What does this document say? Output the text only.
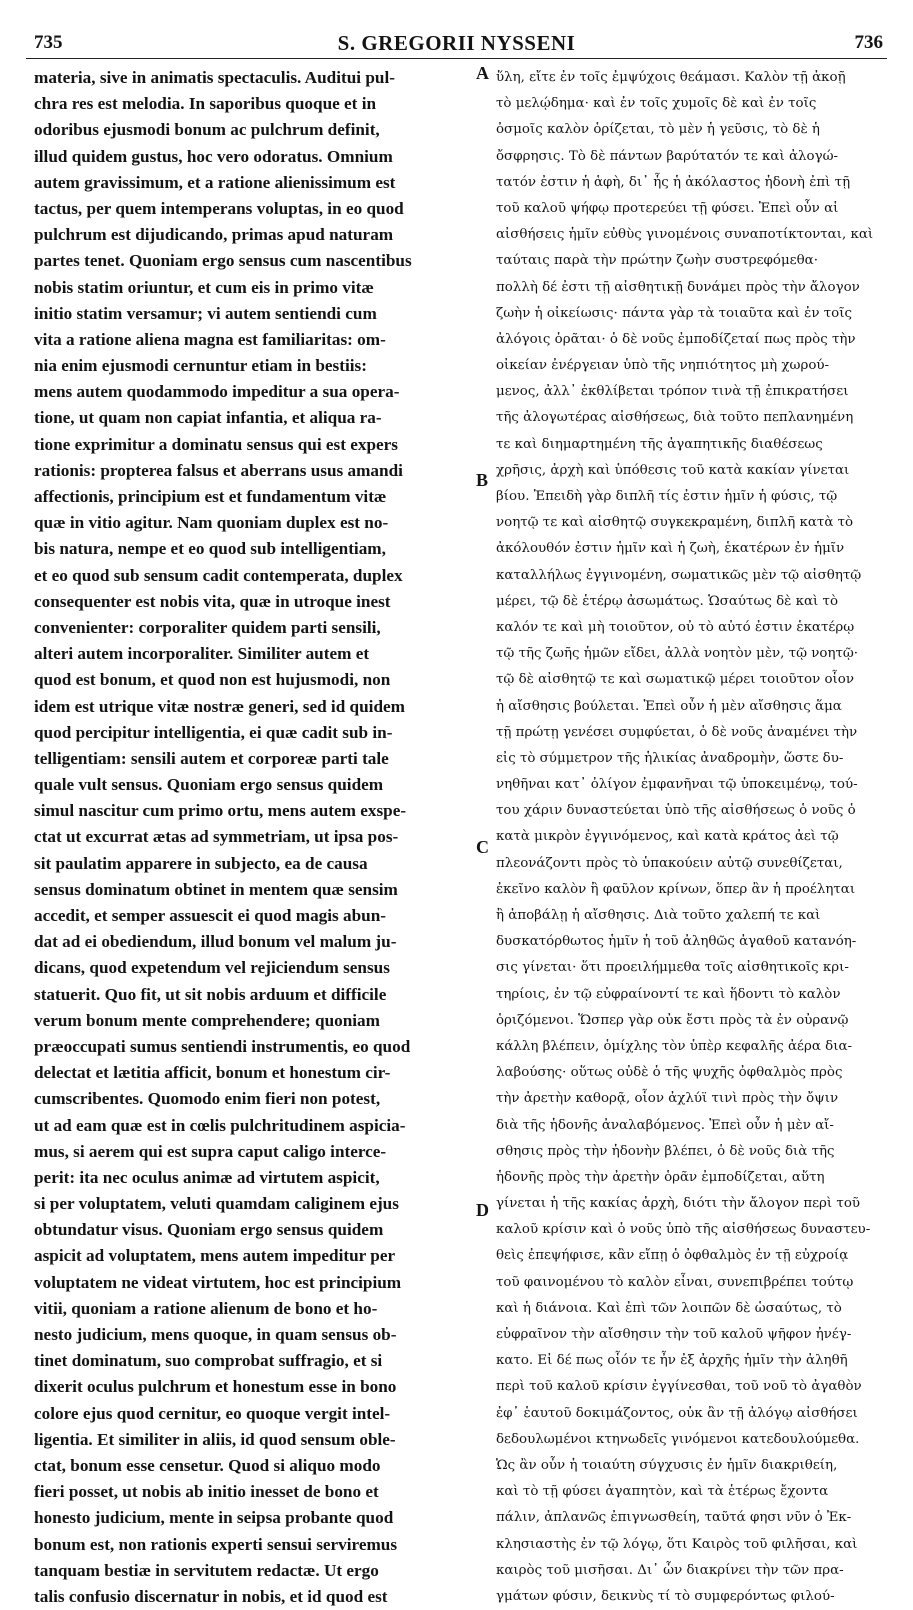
735	S. GREGORII NYSSENI	736
materia, sive in animatis spectaculis. Auditui pul-
chra res est melodia. In saporibus quoque et in
odoribus ejusmodi bonum ac pulchrum definit,
illud quidem gustus, hoc vero odoratus. Omnium
autem gravissimum, et a ratione alienissimum est
tactus, per quem intemperans voluptas, in eo quod
pulchrum est dijudicando, primas apud naturam
partes tenet. Quoniam ergo sensus cum nascentibus
nobis statim oriuntur, et cum eis in primo vitæ
initio statim versamur; vi autem sentiendi cum
vita a ratione aliena magna est familiaritas: om-
nia enim ejusmodi cernuntur etiam in bestiis:
mens autem quodammodo impeditur a sua opera-
tione, ut quam non capiat infantia, et aliqua ra-
tione exprimitur a dominatu sensus qui est expers
rationis: propterea falsus et aberrans usus amandi
affectionis, principium est et fundamentum vitæ
quæ in vitio agitur. Nam quoniam duplex est no-
bis natura, nempe et eo quod sub intelligentiam,
et eo quod sub sensum cadit contemperata, duplex
consequenter est nobis vita, quæ in utroque inest
convenienter: corporaliter quidem parti sensili,
alteri autem incorporaliter. Similiter autem et
quod est bonum, et quod non est hujusmodi, non
idem est utrique vitæ nostræ generi, sed id quidem
quod percipitur intelligentia, ei quæ cadit sub in-
telligentiam: sensili autem et corporeæ parti tale
quale vult sensus. Quoniam ergo sensus quidem
simul nascitur cum primo ortu, mens autem exspe-
ctat ut excurrat ætas ad symmetriam, ut ipsa pos-
sit paulatim apparere in subjecto, ea de causa
sensus dominatum obtinet in mentem quæ sensim
accedit, et semper assuescit ei quod magis abun-
dat ad ei obediendum, illud bonum vel malum ju-
dicans, quod expetendum vel rejiciendum sensus
statuerit. Quo fit, ut sit nobis arduum et difficile
verum bonum mente comprehendere; quoniam
præoccupati sumus sentiendi instrumentis, eo quod
delectat et lætitia afficit, bonum et honestum cir-
cumscribentes. Quomodo enim fieri non potest,
ut ad eam quæ est in cœlis pulchritudinem aspicia-
mus, si aerem qui est supra caput caligo interce-
perit: ita nec oculus animæ ad virtutem aspicit,
si per voluptatem, veluti quamdam caliginem ejus
obtundatur visus. Quoniam ergo sensus quidem
aspicit ad voluptatem, mens autem impeditur per
voluptatem ne videat virtutem, hoc est principium
vitii, quoniam a ratione alienum de bono et ho-
nesto judicium, mens quoque, in quam sensus ob-
tinet dominatum, suo comprobat suffragio, et si
dixerit oculus pulchrum et honestum esse in bono
colore ejus quod cernitur, eo quoque vergit intel-
ligentia. Et similiter in aliis, id quod sensum oble-
ctat, bonum esse censetur. Quod si aliquo modo
fieri posset, ut nobis ab initio inesset de bono et
honesto judicium, mente in seipsa probante quod
bonum est, non rationis experti sensui serviremus
tanquam bestiæ in servitutem redactæ. Ut ergo
talis confusio discernatur in nobis, et id quod est
A
B
C
D
ὕλη, εἴτε ἐν τοῖς ἐμψύχοις θεάμασι. Καλὸν τῇ ἀκοῇ
τὸ μελῴδημα· καὶ ἐν τοῖς χυμοῖς δὲ καὶ ἐν τοῖς
ὀσμοῖς καλὸν ὁρίζεται, τὸ μὲν ἡ γεῦσις, τὸ δὲ ἡ
ὄσφρησις. Τὸ δὲ πάντων βαρύτατόν τε καὶ ἀλογώ-
τατόν ἐστιν ἡ ἁφὴ, δι᾽ ἧς ἡ ἀκόλαστος ἡδονὴ ἐπὶ τῇ
τοῦ καλοῦ ψήφῳ προτερεύει τῇ φύσει. Ἐπεὶ οὖν αἱ
αἰσθήσεις ἡμῖν εὐθὺς γινομένοις συναποτίκτονται, καὶ
ταύταις παρὰ τὴν πρώτην ζωὴν συστρεφόμεθα·
πολλὴ δέ ἐστι τῇ αἰσθητικῇ δυνάμει πρὸς τὴν ἄλογον
ζωὴν ἡ οἰκείωσις· πάντα γὰρ τὰ τοιαῦτα καὶ ἐν τοῖς
ἀλόγοις ὁρᾶται· ὁ δὲ νοῦς ἐμποδίζεταί πως πρὸς τὴν
οἰκείαν ἐνέργειαν ὑπὸ τῆς νηπιότητος μὴ χωρού-
μενος, ἀλλ᾽ ἐκθλίβεται τρόπον τινὰ τῇ ἐπικρατήσει
τῆς ἀλογωτέρας αἰσθήσεως, διὰ τοῦτο πεπλανημένη
τε καὶ διημαρτημένη τῆς ἀγαπητικῆς διαθέσεως
χρῆσις, ἀρχὴ καὶ ὑπόθεσις τοῦ κατὰ κακίαν γίνεται
βίου. Ἐπειδὴ γὰρ διπλῆ τίς ἐστιν ἡμῖν ἡ φύσις, τῷ
νοητῷ τε καὶ αἰσθητῷ συγκεκραμένη, διπλῆ κατὰ τὸ
ἀκόλουθόν ἐστιν ἡμῖν καὶ ἡ ζωὴ, ἑκατέρων ἐν ἡμῖν
καταλλήλως ἐγγινομένη, σωματικῶς μὲν τῷ αἰσθητῷ
μέρει, τῷ δὲ ἑτέρῳ ἀσωμάτως. Ὡσαύτως δὲ καὶ τὸ
καλόν τε καὶ μὴ τοιοῦτον, οὐ τὸ αὐτό ἐστιν ἑκατέρῳ
τῷ τῆς ζωῆς ἡμῶν εἴδει, ἀλλὰ νοητὸν μὲν, τῷ νοητῷ·
τῷ δὲ αἰσθητῷ τε καὶ σωματικῷ μέρει τοιοῦτον οἷον
ἡ αἴσθησις βούλεται. Ἐπεὶ οὖν ἡ μὲν αἴσθησις ἅμα
τῇ πρώτῃ γενέσει συμφύεται, ὁ δὲ νοῦς ἀναμένει τὴν
εἰς τὸ σύμμετρον τῆς ἡλικίας ἀναδρομὴν, ὥστε δυ-
νηθῆναι κατ᾽ ὀλίγον ἐμφανῆναι τῷ ὑποκειμένῳ, τού-
του χάριν δυναστεύεται ὑπὸ τῆς αἰσθήσεως ὁ νοῦς ὁ
κατὰ μικρὸν ἐγγινόμενος, καὶ κατὰ κράτος ἀεὶ τῷ
πλεονάζοντι πρὸς τὸ ὑπακούειν αὐτῷ συνεθίζεται,
ἐκεῖνο καλὸν ἢ φαῦλον κρίνων, ὅπερ ἂν ἡ προέληται
ἢ ἀποβάλῃ ἡ αἴσθησις. Διὰ τοῦτο χαλεπή τε καὶ
δυσκατόρθωτος ἡμῖν ἡ τοῦ ἀληθῶς ἀγαθοῦ κατανόη-
σις γίνεται· ὅτι προειλήμμεθα τοῖς αἰσθητικοῖς κρι-
τηρίοις, ἐν τῷ εὐφραίνοντί τε καὶ ἥδοντι τὸ καλὸν
ὁριζόμενοι. Ὥσπερ γὰρ οὐκ ἔστι πρὸς τὰ ἐν οὐρανῷ
κάλλη βλέπειν, ὁμίχλης τὸν ὑπὲρ κεφαλῆς ἀέρα δια-
λαβούσης· οὕτως οὐδὲ ὁ τῆς ψυχῆς ὀφθαλμὸς πρὸς
τὴν ἀρετὴν καθορᾷ, οἷον ἀχλύϊ τινὶ πρὸς τὴν ὄψιν
διὰ τῆς ἡδονῆς ἀναλαβόμενος. Ἐπεὶ οὖν ἡ μὲν αἴ-
σθησις πρὸς τὴν ἡδονὴν βλέπει, ὁ δὲ νοῦς διὰ τῆς
ἡδονῆς πρὸς τὴν ἀρετὴν ὁρᾶν ἐμποδίζεται, αὕτη
γίνεται ἡ τῆς κακίας ἀρχὴ, διότι τὴν ἄλογον περὶ τοῦ
καλοῦ κρίσιν καὶ ὁ νοῦς ὑπὸ τῆς αἰσθήσεως δυναστευ-
θεὶς ἐπεψήφισε, κἂν εἴπῃ ὁ ὀφθαλμὸς ἐν τῇ εὐχροίᾳ
τοῦ φαινομένου τὸ καλὸν εἶναι, συνεπιβρέπει τούτῳ
καὶ ἡ διάνοια. Καὶ ἐπὶ τῶν λοιπῶν δὲ ὡσαύτως, τὸ
εὐφραῖνον τὴν αἴσθησιν τὴν τοῦ καλοῦ ψῆφον ἠνέγ-
κατο. Εἰ δέ πως οἷόν τε ἦν ἐξ ἀρχῆς ἡμῖν τὴν ἀληθῆ
περὶ τοῦ καλοῦ κρίσιν ἐγγίνεσθαι, τοῦ νοῦ τὸ ἀγαθὸν
ἐφ᾽ ἑαυτοῦ δοκιμάζοντος, οὐκ ἂν τῇ ἀλόγῳ αἰσθήσει
δεδουλωμένοι κτηνωδεῖς γινόμενοι κατεδουλούμεθα.
Ὡς ἂν οὖν ἡ τοιαύτη σύγχυσις ἐν ἡμῖν διακριθείη,
καὶ τὸ τῇ φύσει ἀγαπητὸν, καὶ τὰ ἑτέρως ἔχοντα
πάλιν, ἀπλανῶς ἐπιγνωσθείη, ταῦτά φησι νῦν ὁ Ἐκ-
κλησιαστὴς ἐν τῷ λόγῳ, ὅτι Καιρὸς τοῦ φιλῆσαι, καὶ
καιρὸς τοῦ μισῆσαι. Δι᾽ ὧν διακρίνει τὴν τῶν πρα-
γμάτων φύσιν, δεικνὺς τί τὸ συμφερόντως φιλού-
